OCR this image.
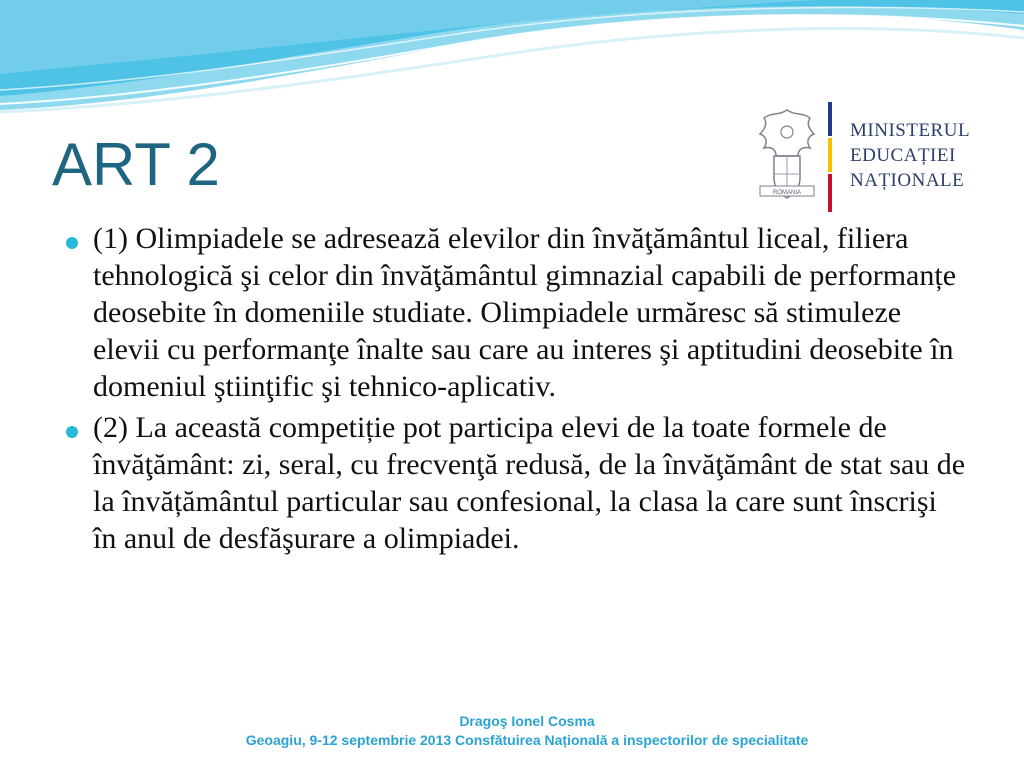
ART 2	ROMANIA
MINISTERUL
EDUCAȚIEI
NAȚIONALE
(1) Olimpiadele se adresează elevilor din învăţământul liceal, filiera tehnologică şi celor din învăţământul gimnazial capabili de performanțe deosebite în domeniile studiate. Olimpiadele urmăresc să stimuleze elevii cu performanţe înalte sau care au interes şi aptitudini deosebite în domeniul ştiinţific şi tehnico-aplicativ.
(2) La această competiție pot participa elevi de la toate formele de învăţământ: zi, seral, cu frecvenţă redusă, de la învăţământ de stat sau de la învățământul particular sau confesional, la clasa la care sunt înscrişi în anul de desfăşurare a olimpiadei.
Dragoş Ionel Cosma
Geoagiu, 9-12 septembrie 2013 Consfătuirea Națională a inspectorilor de specialitate
